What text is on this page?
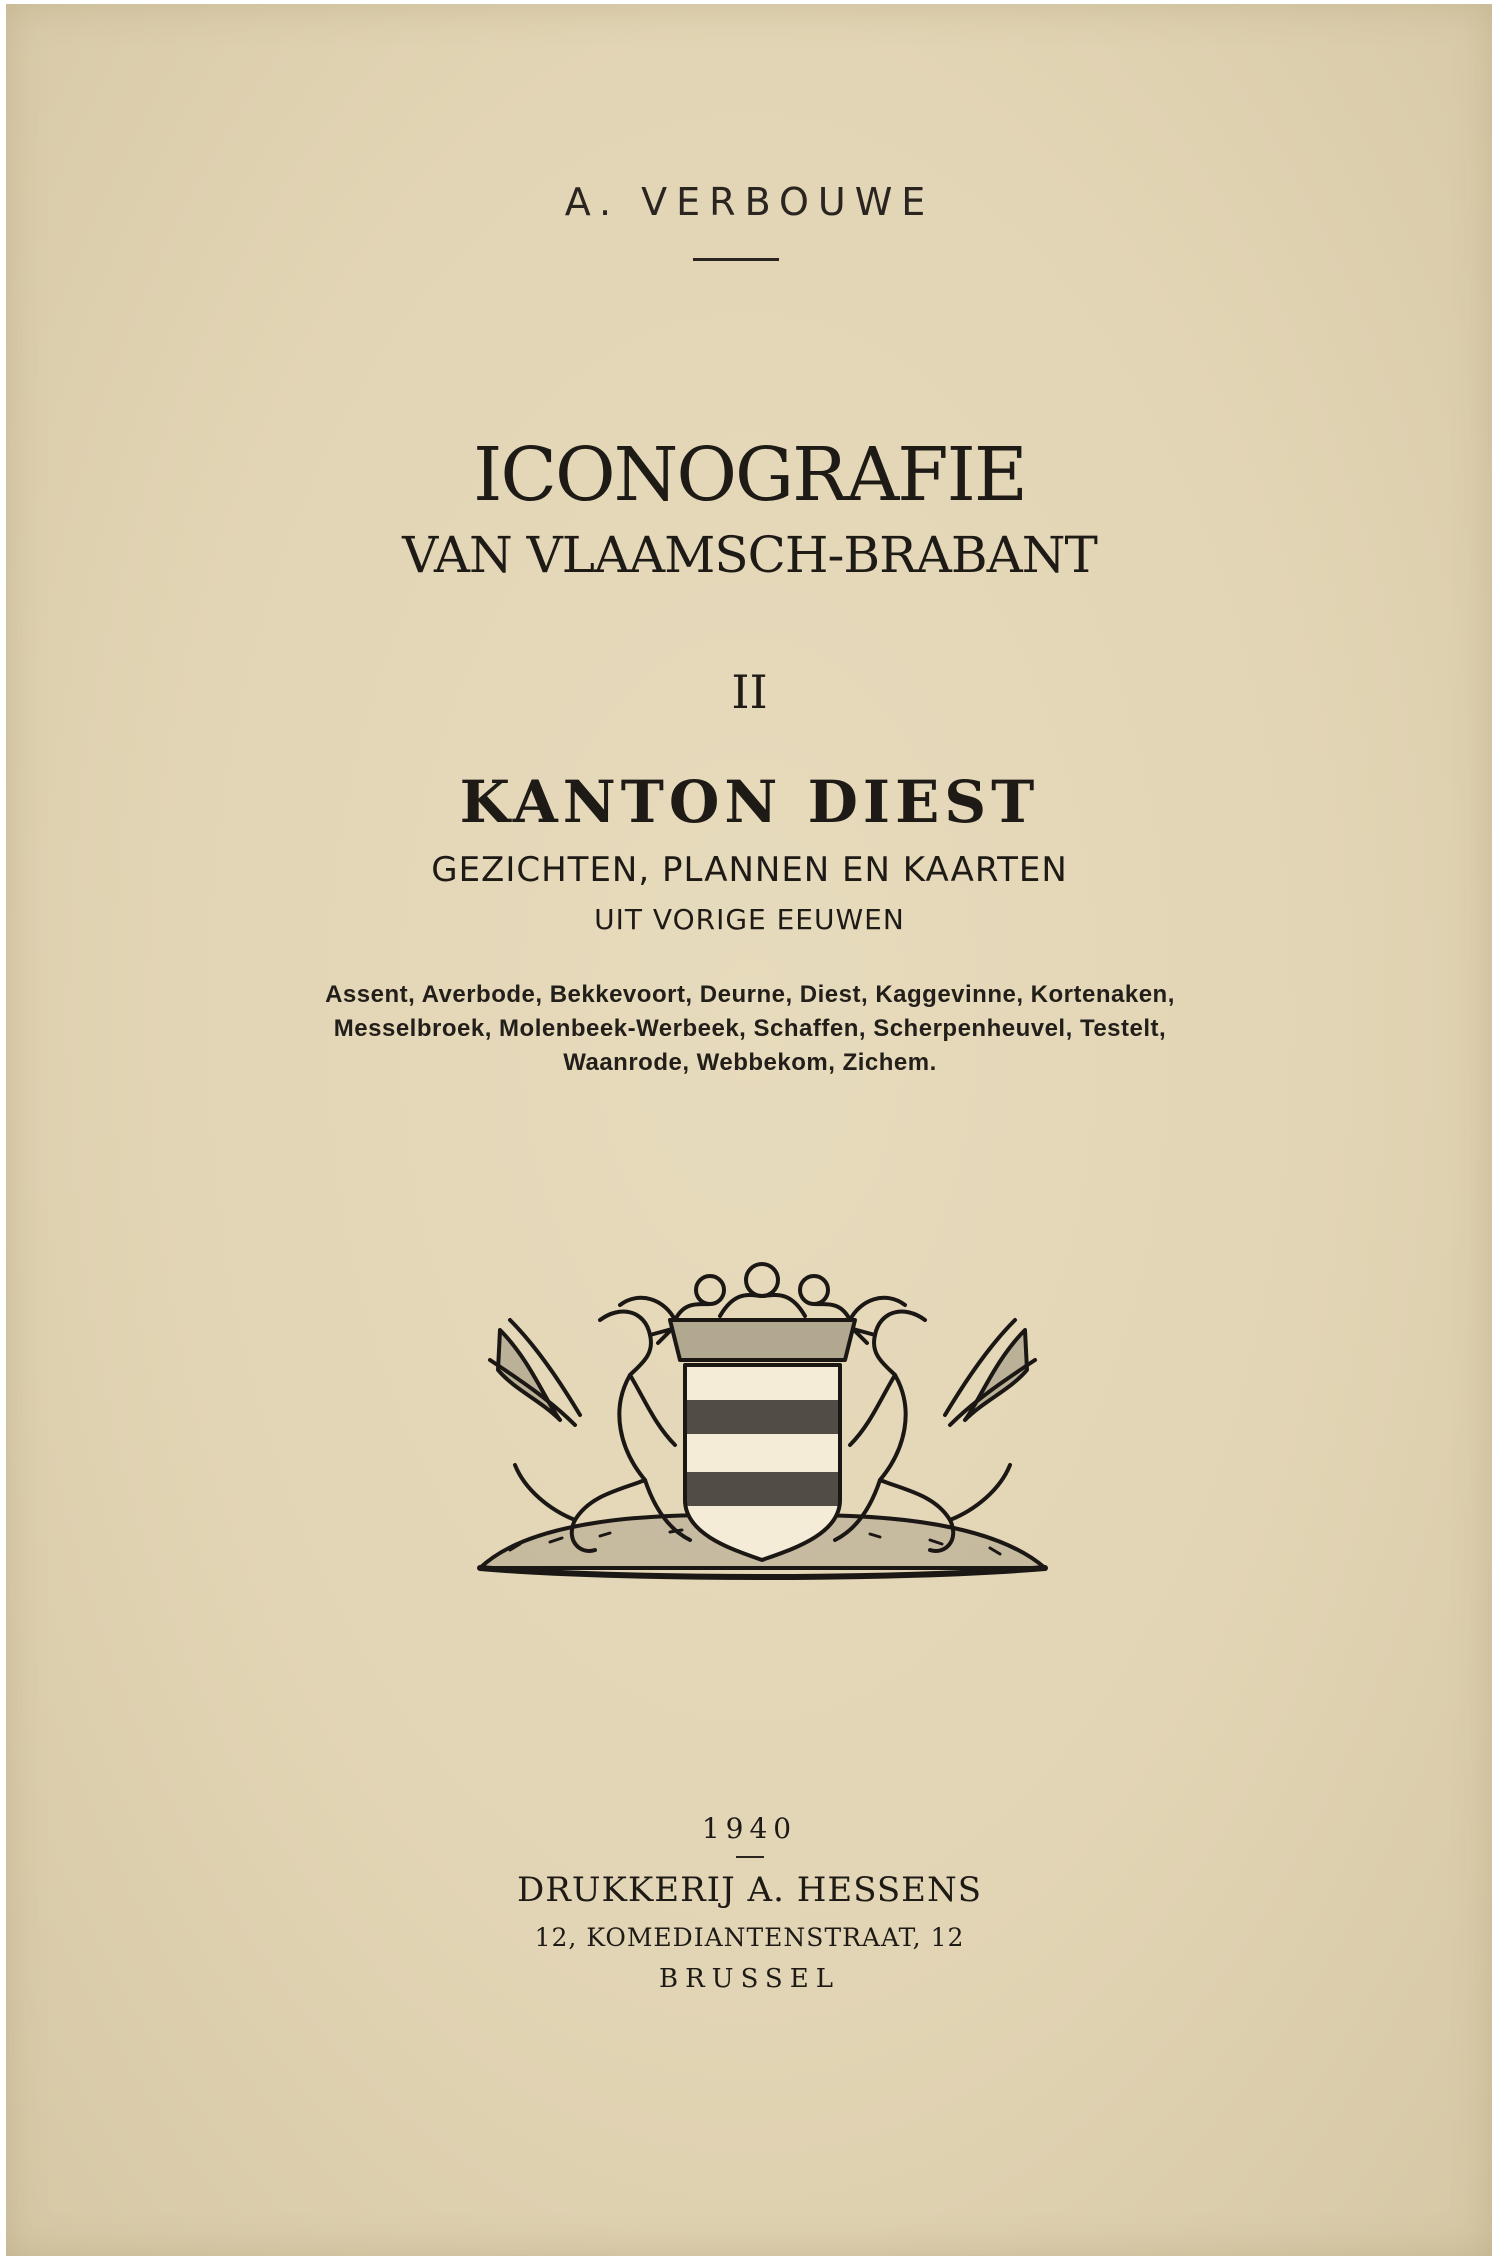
A. VERBOUWE
ICONOGRAFIE
VAN VLAAMSCH-BRABANT
II
KANTON DIEST
GEZICHTEN, PLANNEN EN KAARTEN
UIT VORIGE EEUWEN
Assent, Averbode, Bekkevoort, Deurne, Diest, Kaggevinne, Kortenaken,
Messelbroek, Molenbeek-Werbeek, Schaffen, Scherpenheuvel, Testelt,
Waanrode, Webbekom, Zichem.
1940
DRUKKERIJ A. HESSENS
12, KOMEDIANTENSTRAAT, 12
BRUSSEL
